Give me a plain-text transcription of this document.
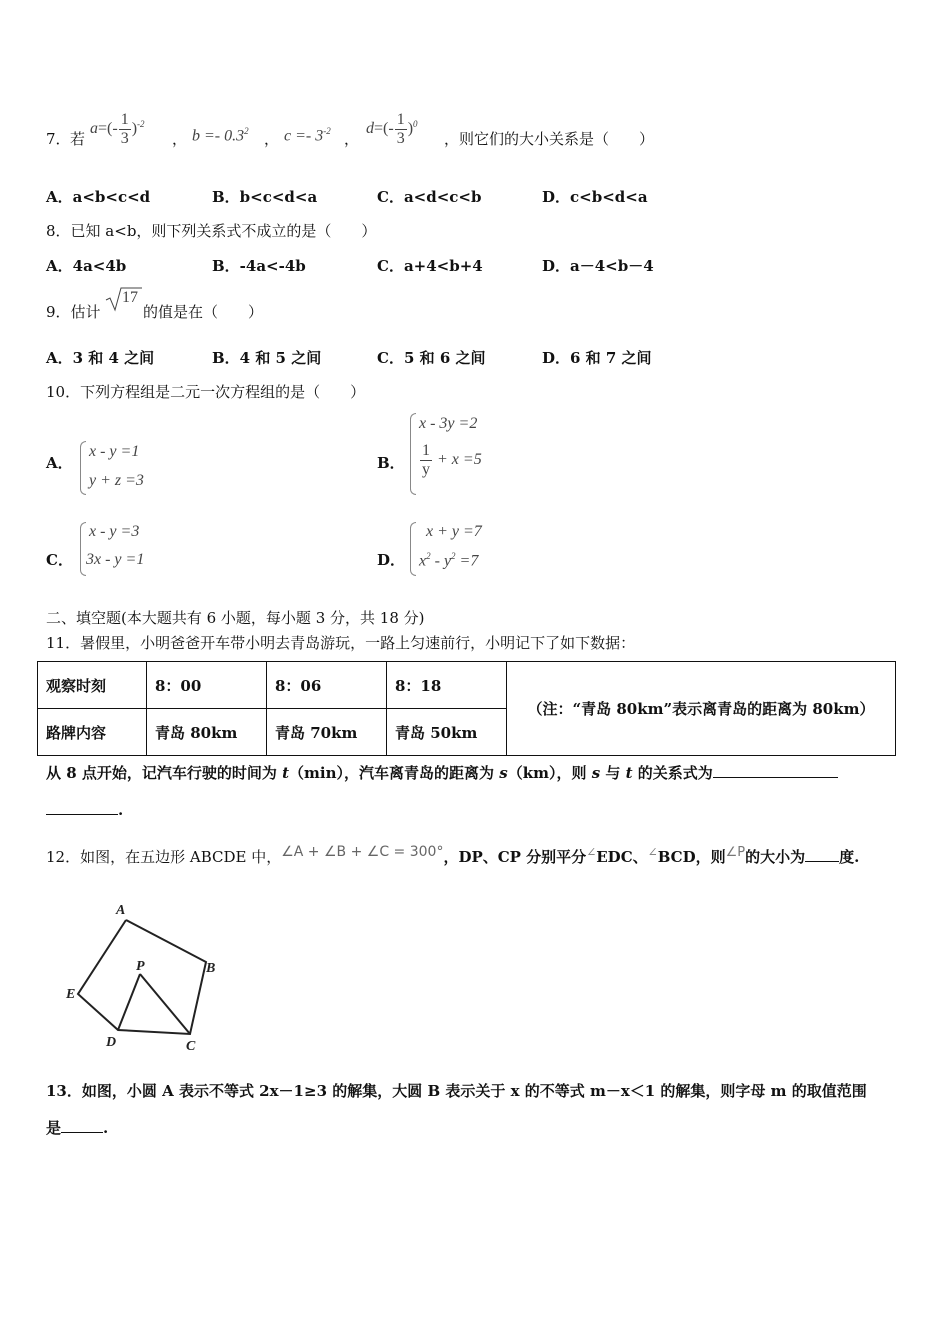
7． 若
$a=(- \frac{1}{3} )^{-2}$
， $b =- 0.3^2$ ， $c =- 3^{-2}$ ，
$d=(- \frac{1}{3} )^0$
，则它们的大小关系是（　　）
A．a<b<c<d	B．b<c<d<a	C．a<d<c<b	D．c<b<d<a
8．已知 a<b，则下列关系式不成立的是（　　）
A．4a<4b	B．-4a<-4b	C．a+4<b+4	D．a－4<b－4
9．估计
17
的值是在（　　）
A．3 和 4 之间	B．4 和 5 之间	C．5 和 6 之间	D．6 和 7 之间
10．下列方程组是二元一次方程组的是（　　）
A．
x - y =1
y + z =3
B．
x - 3y =2
$\frac{1}{y} + x =5$
C．
x - y =3
3x - y =1	D．
x + y =7
$x^2 - y^2 =7$
二、填空题(本大题共有 6 小题，每小题 3 分，共 18 分)
11．暑假里，小明爸爸开车带小明去青岛游玩，一路上匀速前行，小明记下了如下数据：
观察时刻	8：00	8：06	8：18	（注：“青岛 80km”表示离青岛的距离为 80km）
路牌内容	青岛 80km	青岛 70km	青岛 50km	
从 8 点开始，记汽车行驶的时间为 t（min），汽车离青岛的距离为 s（km），则 s 与 t 的关系式为
.
12．如图，在五边形 ABCDE 中，∠A + ∠B + ∠C = 300°，DP、CP 分别平分∠EDC、∠BCD，则∠P的大小为 度.
A
B
C
D
E
P
13．如图，小圆 A 表示不等式 2x－1≥3 的解集，大圆 B 表示关于 x 的不等式 m－x＜1 的解集，则字母 m 的取值范围
是	.
